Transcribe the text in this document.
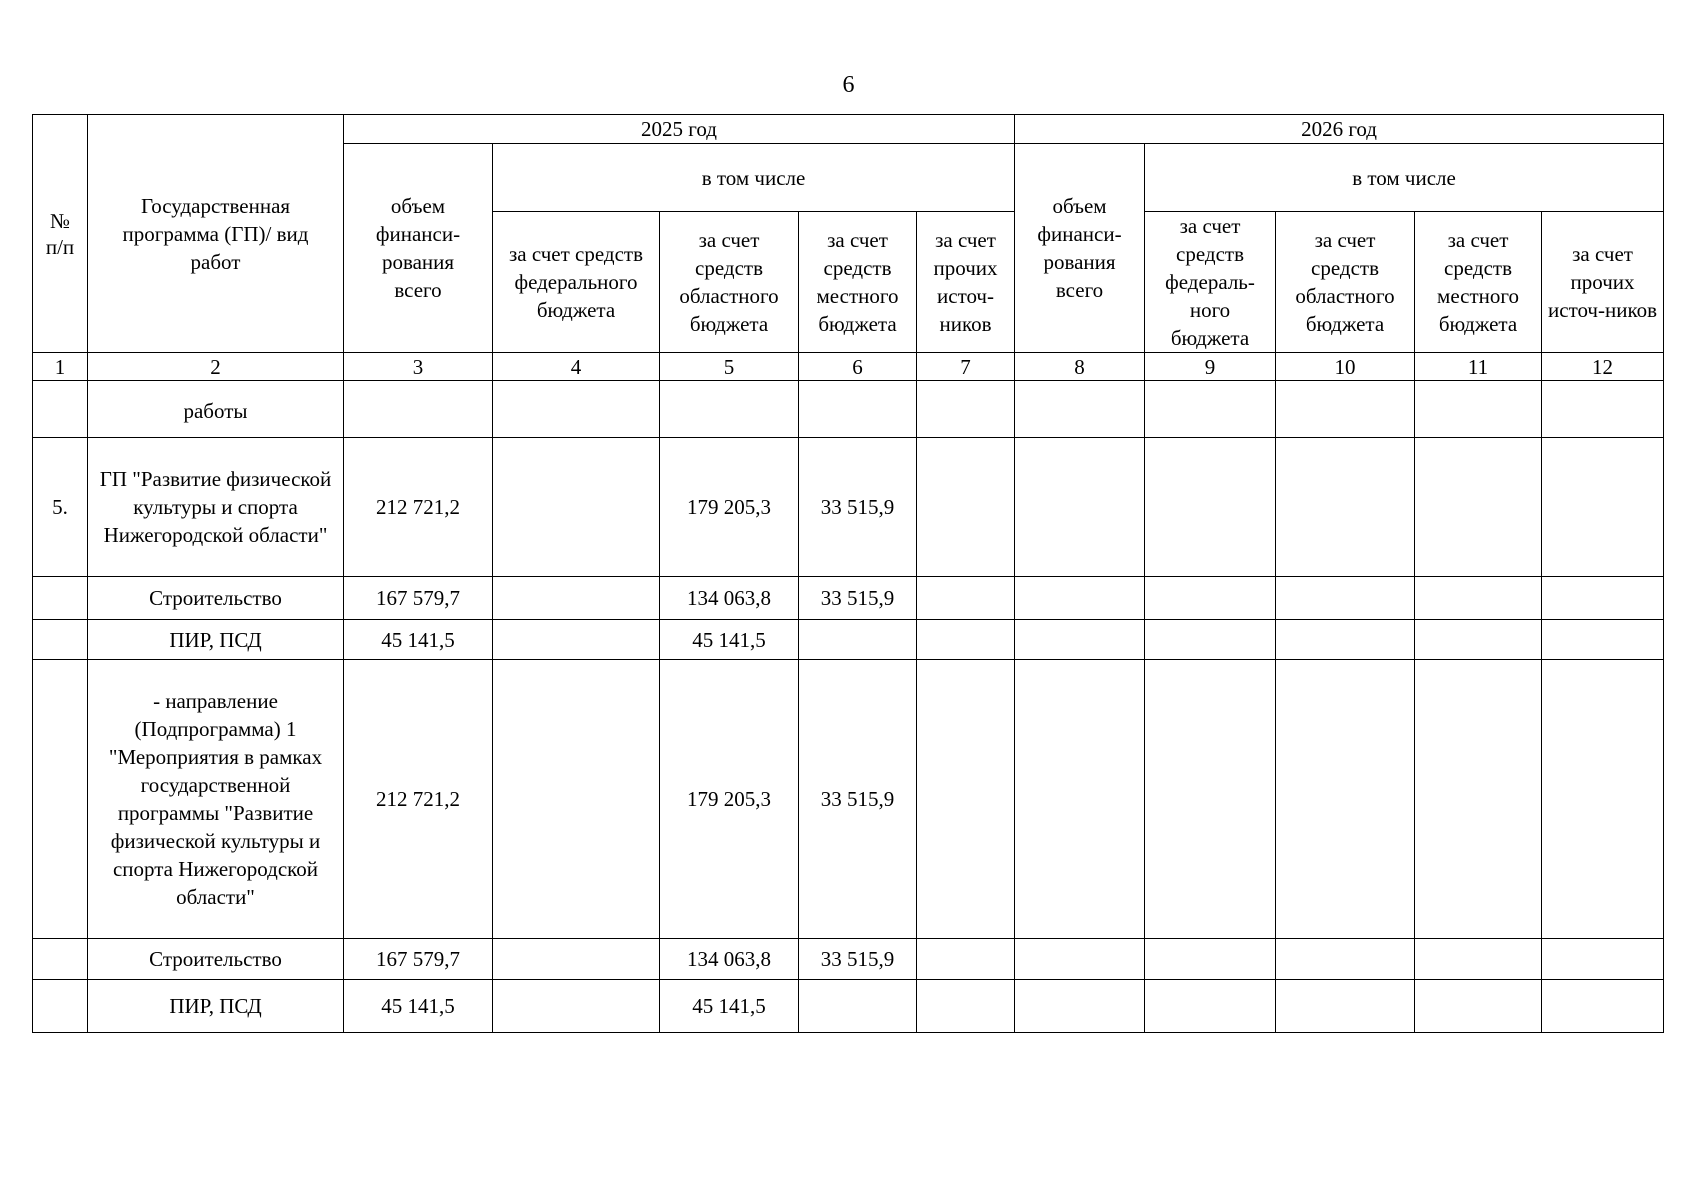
6
№
п/п	Государственная программа (ГП)/ вид работ	2025 год					2026 год				
		объем финанси-рования всего	в том числе				объем финанси-рования всего	в том числе			
			за счет средств федерального бюджета	за счет средств областного бюджета	за счет средств местного бюджета	за счет прочих источ-ников		за счет средств федераль-ного бюджета	за счет средств областного бюджета	за счет средств местного бюджета	за счет прочих источ-ников
1	2	3	4	5	6	7	8	9	10	11	12
	работы										
5.	ГП "Развитие физической культуры и спорта Нижегородской области"	212 721,2		179 205,3	33 515,9						
	Строительство	167 579,7		134 063,8	33 515,9						
	ПИР, ПСД	45 141,5		45 141,5							
	- направление (Подпрограмма) 1 "Мероприятия в рамках государственной программы "Развитие физической культуры и спорта Нижегородской области"	212 721,2		179 205,3	33 515,9						
	Строительство	167 579,7		134 063,8	33 515,9						
	ПИР, ПСД	45 141,5		45 141,5							
